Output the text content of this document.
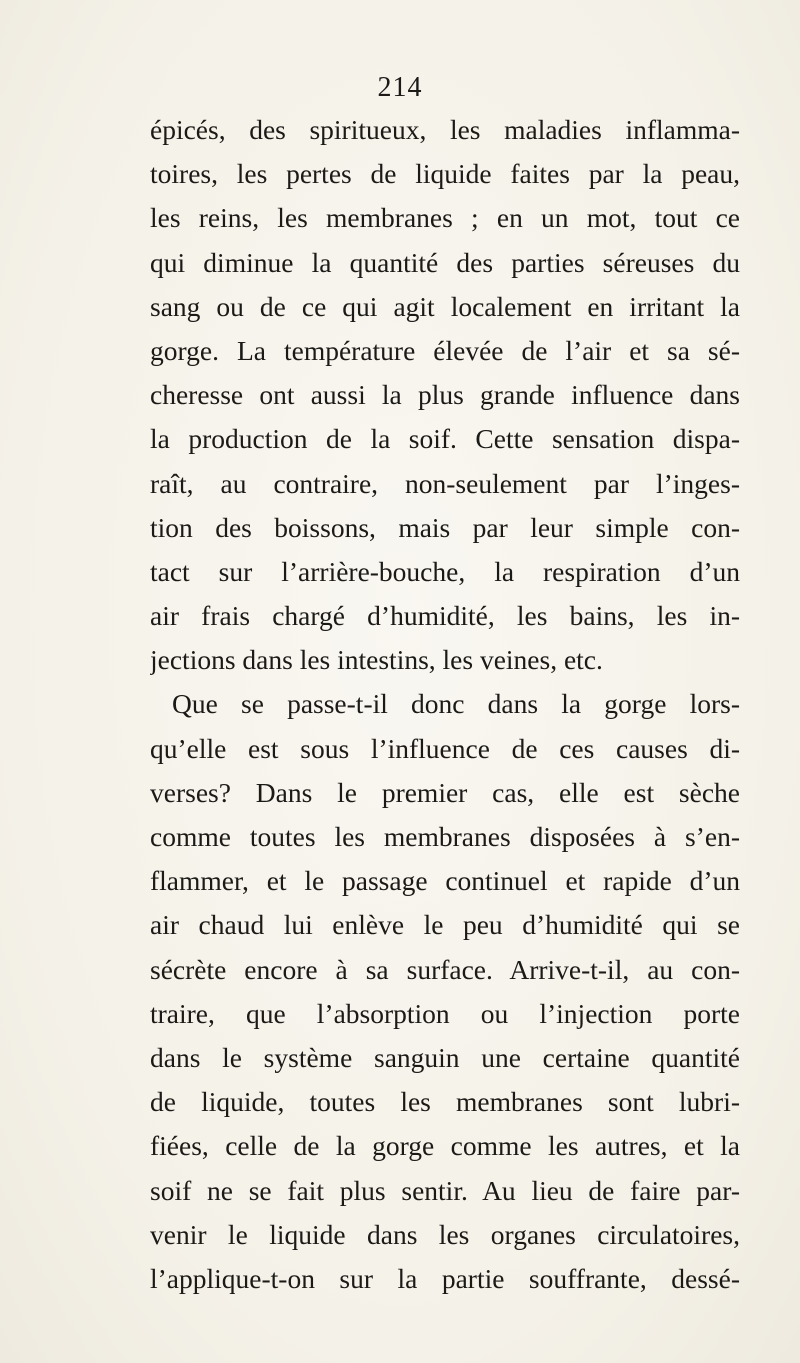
214
épicés, des spiritueux, les maladies inflamma-
toires, les pertes de liquide faites par la peau,
les reins, les membranes ; en un mot, tout ce
qui diminue la quantité des parties séreuses du
sang ou de ce qui agit localement en irritant la
gorge. La température élevée de l’air et sa sé-
cheresse ont aussi la plus grande influence dans
la production de la soif. Cette sensation dispa-
raît, au contraire, non-seulement par l’inges-
tion des boissons, mais par leur simple con-
tact sur l’arrière-bouche, la respiration d’un
air frais chargé d’humidité, les bains, les in-
jections dans les intestins, les veines, etc.
Que se passe-t-il donc dans la gorge lors-
qu’elle est sous l’influence de ces causes di-
verses? Dans le premier cas, elle est sèche
comme toutes les membranes disposées à s’en-
flammer, et le passage continuel et rapide d’un
air chaud lui enlève le peu d’humidité qui se
sécrète encore à sa surface. Arrive-t-il, au con-
traire, que l’absorption ou l’injection porte
dans le système sanguin une certaine quantité
de liquide, toutes les membranes sont lubri-
fiées, celle de la gorge comme les autres, et la
soif ne se fait plus sentir. Au lieu de faire par-
venir le liquide dans les organes circulatoires,
l’applique-t-on sur la partie souffrante, dessé-
